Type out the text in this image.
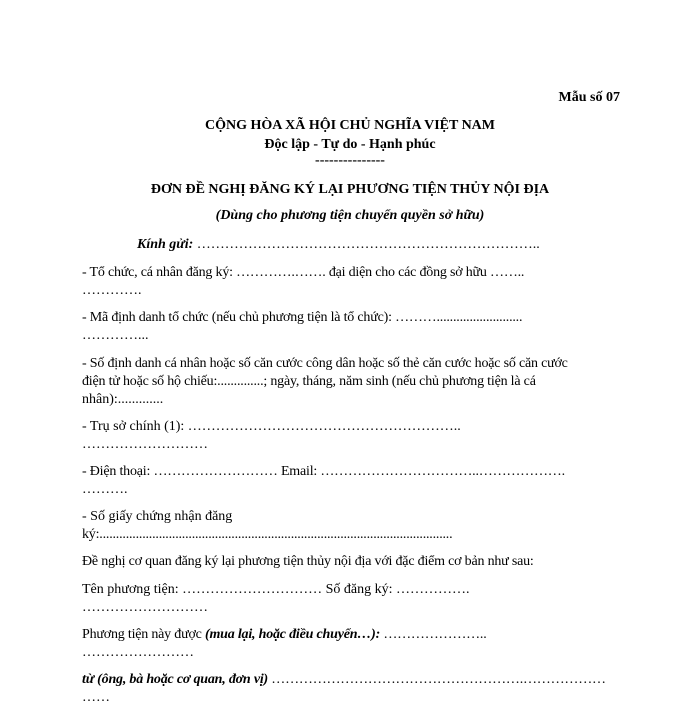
Mẫu số 07
CỘNG HÒA XÃ HỘI CHỦ NGHĨA VIỆT NAM
Độc lập - Tự do - Hạnh phúc
---------------
ĐƠN ĐỀ NGHỊ ĐĂNG KÝ LẠI PHƯƠNG TIỆN THỦY NỘI ĐỊA
(Dùng cho phương tiện chuyển quyền sở hữu)
Kính gửi: ………………………………………………………………..
- Tổ chức, cá nhân đăng ký: ………….……. đại diện cho các đồng sở hữu ……..
………….
- Mã định danh tổ chức (nếu chủ phương tiện là tổ chức): ………..........................
…………...
- Số định danh cá nhân hoặc số căn cước công dân hoặc số thẻ căn cước hoặc số căn cước
điện tử hoặc số hộ chiếu:..............; ngày, tháng, năm sinh (nếu chủ phương tiện là cá
nhân):.............
- Trụ sở chính (1): …………………………………………………..
………………………
- Điện thoại: ……………………… Email: ……………………………..……………….
……….
- Số giấy chứng nhận đăng
ký:...........................................................................................................
Đề nghị cơ quan đăng ký lại phương tiện thủy nội địa với đặc điểm cơ bản như sau:
Tên phương tiện: ………………………… Số đăng ký: …………….
………………………
Phương tiện này được (mua lại, hoặc điều chuyển…): …………………..
……………………
từ (ông, bà hoặc cơ quan, đơn vị) ……………………………………………….………………
……
